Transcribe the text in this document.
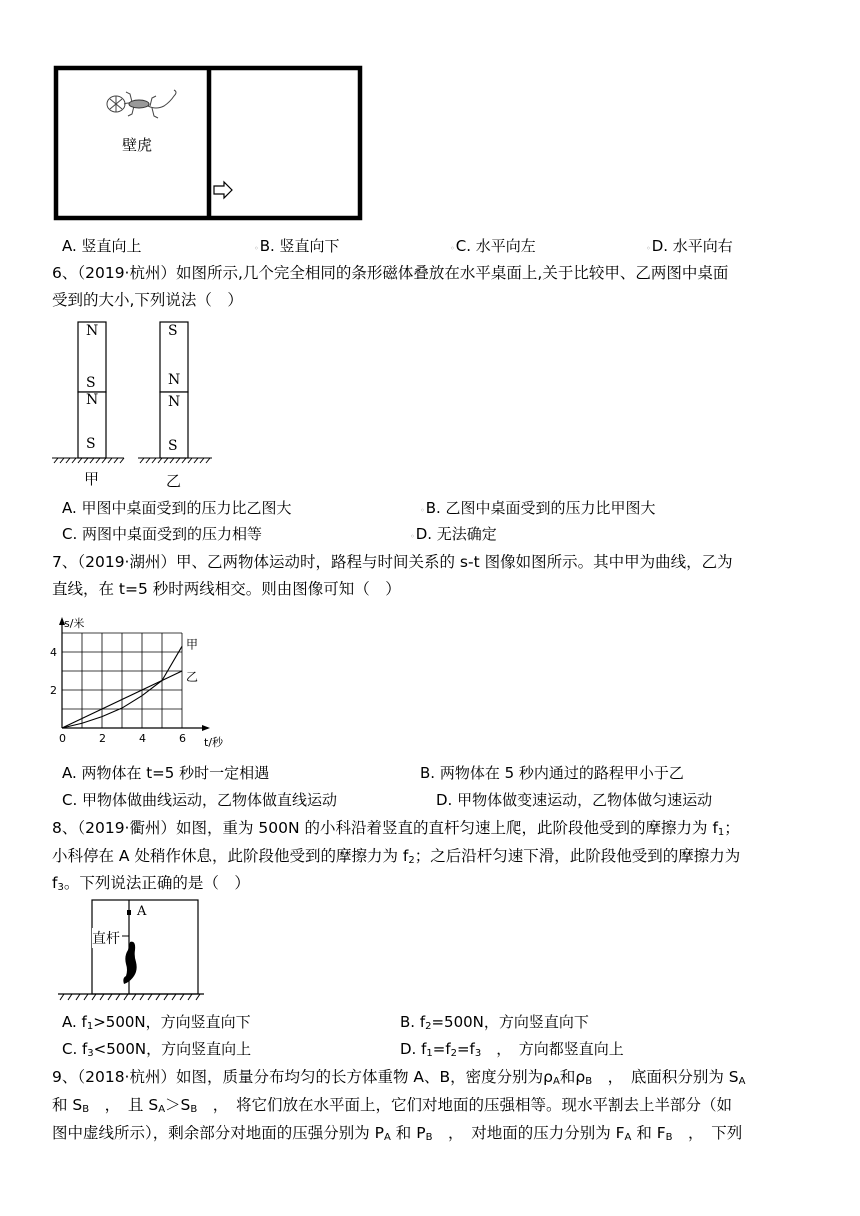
壁虎
A. 竖直向上	◦B. 竖直向下	◦C. 水平向左	◦D. 水平向右
6、（2019·杭州）如图所示,几个完全相同的条形磁体叠放在水平桌面上,关于比较甲、乙两图中桌面
受到的大小,下列说法（　）
N
S
N
S
S
N
N
S
甲	乙
A. 甲图中桌面受到的压力比乙图大	◦B. 乙图中桌面受到的压力比甲图大
C. 两图中桌面受到的压力相等	◦D. 无法确定
7、（2019·湖州）甲、乙两物体运动时，路程与时间关系的 s-t 图像如图所示。其中甲为曲线，乙为
直线，在 t=5 秒时两线相交。则由图像可知（　）
0	2	4	6
2
4
s/米
t/秒
甲
乙
A. 两物体在 t=5 秒时一定相遇	B. 两物体在 5 秒内通过的路程甲小于乙
C. 甲物体做曲线运动，乙物体做直线运动	D. 甲物体做变速运动，乙物体做匀速运动
8、（2019·衢州）如图，重为 500N 的小科沿着竖直的直杆匀速上爬，此阶段他受到的摩擦力为 $f_1$；
小科停在 A 处稍作休息，此阶段他受到的摩擦力为 $f_2$；之后沿杆匀速下滑，此阶段他受到的摩擦力为
$f_3$。下列说法正确的是（　）
A
直杆
A. $f_1>500N$，方向竖直向下	B. $f_2=500N$，方向竖直向下
C. $f_3<500N$，方向竖直向上	D. $f_1=f_2=f_3$　，　方向都竖直向上
9、（2018·杭州）如图，质量分布均匀的长方体重物 A、B，密度分别为$\rho_A$和$\rho_B$　，　底面积分别为 $S_A$
和 $S_B$　，　且 $S_A>S_B$　，　将它们放在水平面上，它们对地面的压强相等。现水平割去上半部分（如
图中虚线所示），剩余部分对地面的压强分别为 $P_A$ 和 $P_B$　，　对地面的压力分别为 $F_A$ 和 $F_B$　，　下列
